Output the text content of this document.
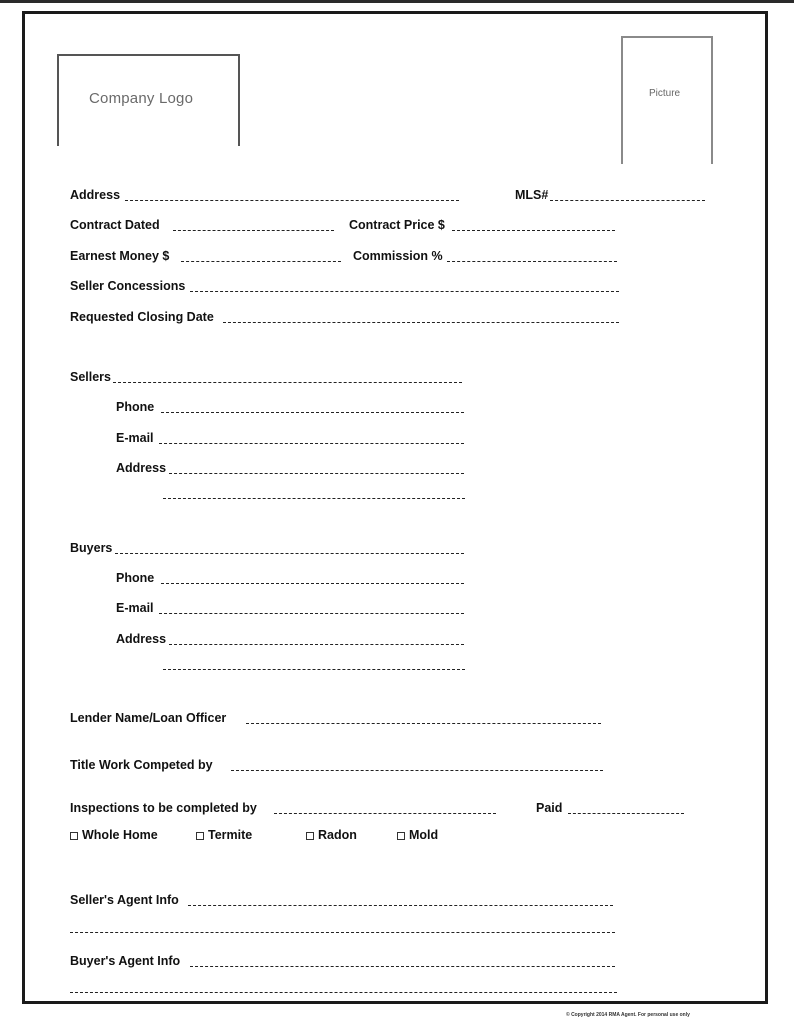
Company Logo	Picture
Address	MLS#
Contract Dated	Contract Price $
Earnest Money $	Commission %
Seller Concessions
Requested Closing Date
Sellers
Phone
E-mail
Address
Buyers
Phone
E-mail
Address
Lender Name/Loan Officer
Title Work Competed by
Inspections to be completed by	Paid
Whole Home	Termite	Radon	Mold
Seller's Agent Info
Buyer's Agent Info
© Copyright 2014 RMA Agent. For personal use only
